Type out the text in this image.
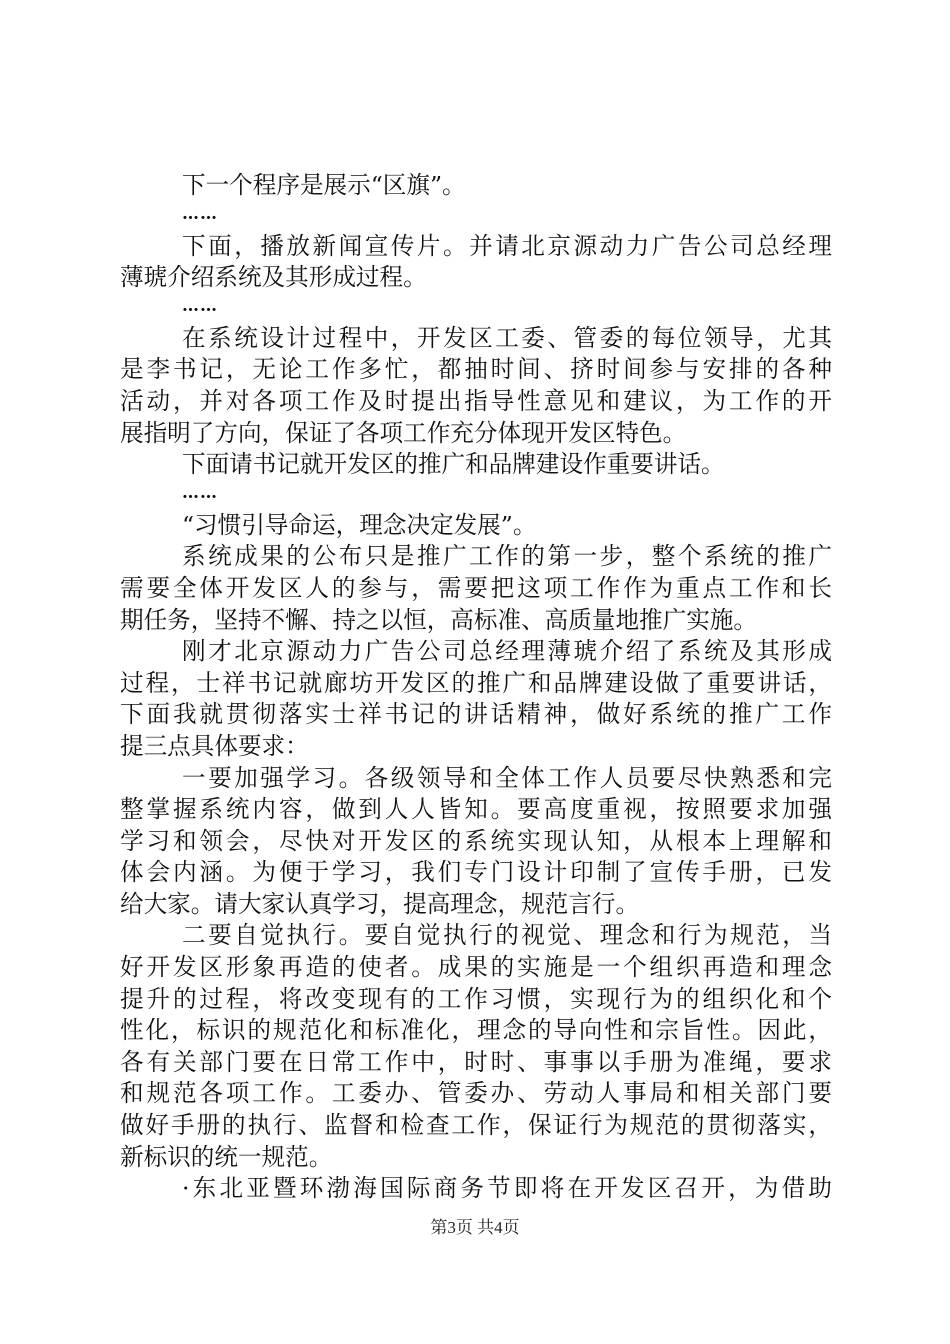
下一个程序是展示“区旗”。
……
下面，播放新闻宣传片。并请北京源动力广告公司总经理
薄琥介绍系统及其形成过程。
……
在系统设计过程中，开发区工委、管委的每位领导，尤其
是李书记，无论工作多忙，都抽时间、挤时间参与安排的各种
活动，并对各项工作及时提出指导性意见和建议，为工作的开
展指明了方向，保证了各项工作充分体现开发区特色。
下面请书记就开发区的推广和品牌建设作重要讲话。
……
“习惯引导命运，理念决定发展”。
系统成果的公布只是推广工作的第一步，整个系统的推广
需要全体开发区人的参与，需要把这项工作作为重点工作和长
期任务，坚持不懈、持之以恒，高标准、高质量地推广实施。
刚才北京源动力广告公司总经理薄琥介绍了系统及其形成
过程，士祥书记就廊坊开发区的推广和品牌建设做了重要讲话，
下面我就贯彻落实士祥书记的讲话精神，做好系统的推广工作
提三点具体要求：
一要加强学习。各级领导和全体工作人员要尽快熟悉和完
整掌握系统内容，做到人人皆知。要高度重视，按照要求加强
学习和领会，尽快对开发区的系统实现认知，从根本上理解和
体会内涵。为便于学习，我们专门设计印制了宣传手册，已发
给大家。请大家认真学习，提高理念，规范言行。
二要自觉执行。要自觉执行的视觉、理念和行为规范，当
好开发区形象再造的使者。成果的实施是一个组织再造和理念
提升的过程，将改变现有的工作习惯，实现行为的组织化和个
性化，标识的规范化和标准化，理念的导向性和宗旨性。因此，
各有关部门要在日常工作中，时时、事事以手册为准绳，要求
和规范各项工作。工委办、管委办、劳动人事局和相关部门要
做好手册的执行、监督和检查工作，保证行为规范的贯彻落实，
新标识的统一规范。
·东北亚暨环渤海国际商务节即将在开发区召开，为借助
第3页 共4页
